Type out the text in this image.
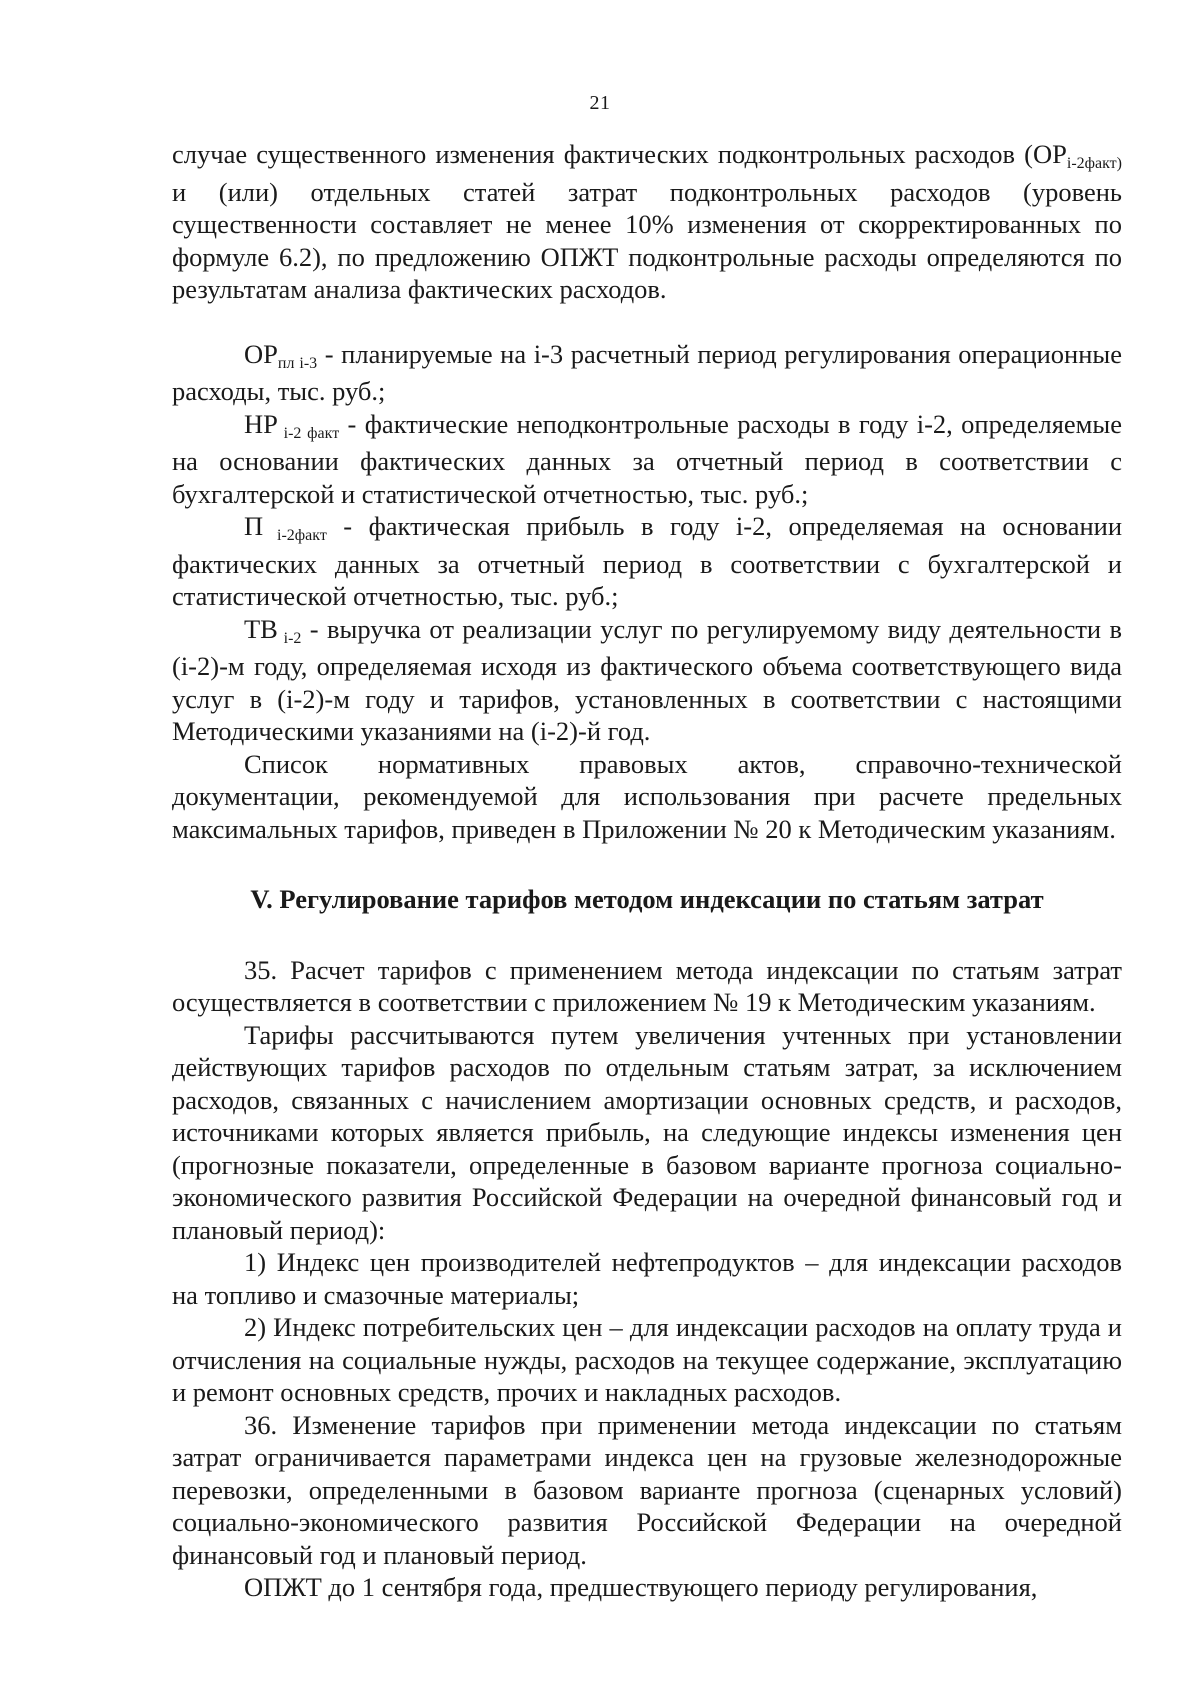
21

случае существенного изменения фактических подконтрольных расходов (ОРi-2факт) и (или) отдельных статей затрат подконтрольных расходов (уровень существенности составляет не менее 10% изменения от скорректированных по формуле 6.2), по предложению ОПЖТ подконтрольные расходы определяются по результатам анализа фактических расходов.

ОРпл i-3 - планируемые на i-3 расчетный период регулирования операционные расходы, тыс. руб.;

НР i-2 факт - фактические неподконтрольные расходы в году i-2, определяемые на основании фактических данных за отчетный период в соответствии с бухгалтерской и статистической отчетностью, тыс. руб.;

П i-2факт - фактическая прибыль в году i-2, определяемая на основании фактических данных за отчетный период в соответствии с бухгалтерской и статистической отчетностью, тыс. руб.;

ТВ i-2 - выручка от реализации услуг по регулируемому виду деятельности в (i-2)-м году, определяемая исходя из фактического объема соответствующего вида услуг в (i-2)-м году и тарифов, установленных в соответствии с настоящими Методическими указаниями на (i-2)-й год.

Список нормативных правовых актов, справочно-технической документации, рекомендуемой для использования при расчете предельных максимальных тарифов, приведен в Приложении № 20 к Методическим указаниям.

V. Регулирование тарифов методом индексации по статьям затрат

35. Расчет тарифов с применением метода индексации по статьям затрат осуществляется в соответствии с приложением № 19 к Методическим указаниям.

Тарифы рассчитываются путем увеличения учтенных при установлении действующих тарифов расходов по отдельным статьям затрат, за исключением расходов, связанных с начислением амортизации основных средств, и расходов, источниками которых является прибыль, на следующие индексы изменения цен (прогнозные показатели, определенные в базовом варианте прогноза социально-экономического развития Российской Федерации на очередной финансовый год и плановый период):

1) Индекс цен производителей нефтепродуктов – для индексации расходов на топливо и смазочные материалы;

2) Индекс потребительских цен – для индексации расходов на оплату труда и отчисления на социальные нужды, расходов на текущее содержание, эксплуатацию и ремонт основных средств, прочих и накладных расходов.

36. Изменение тарифов при применении метода индексации по статьям затрат ограничивается параметрами индекса цен на грузовые железнодорожные перевозки, определенными в базовом варианте прогноза (сценарных условий) социально-экономического развития Российской Федерации на очередной финансовый год и плановый период.

ОПЖТ до 1 сентября года, предшествующего периоду регулирования,
